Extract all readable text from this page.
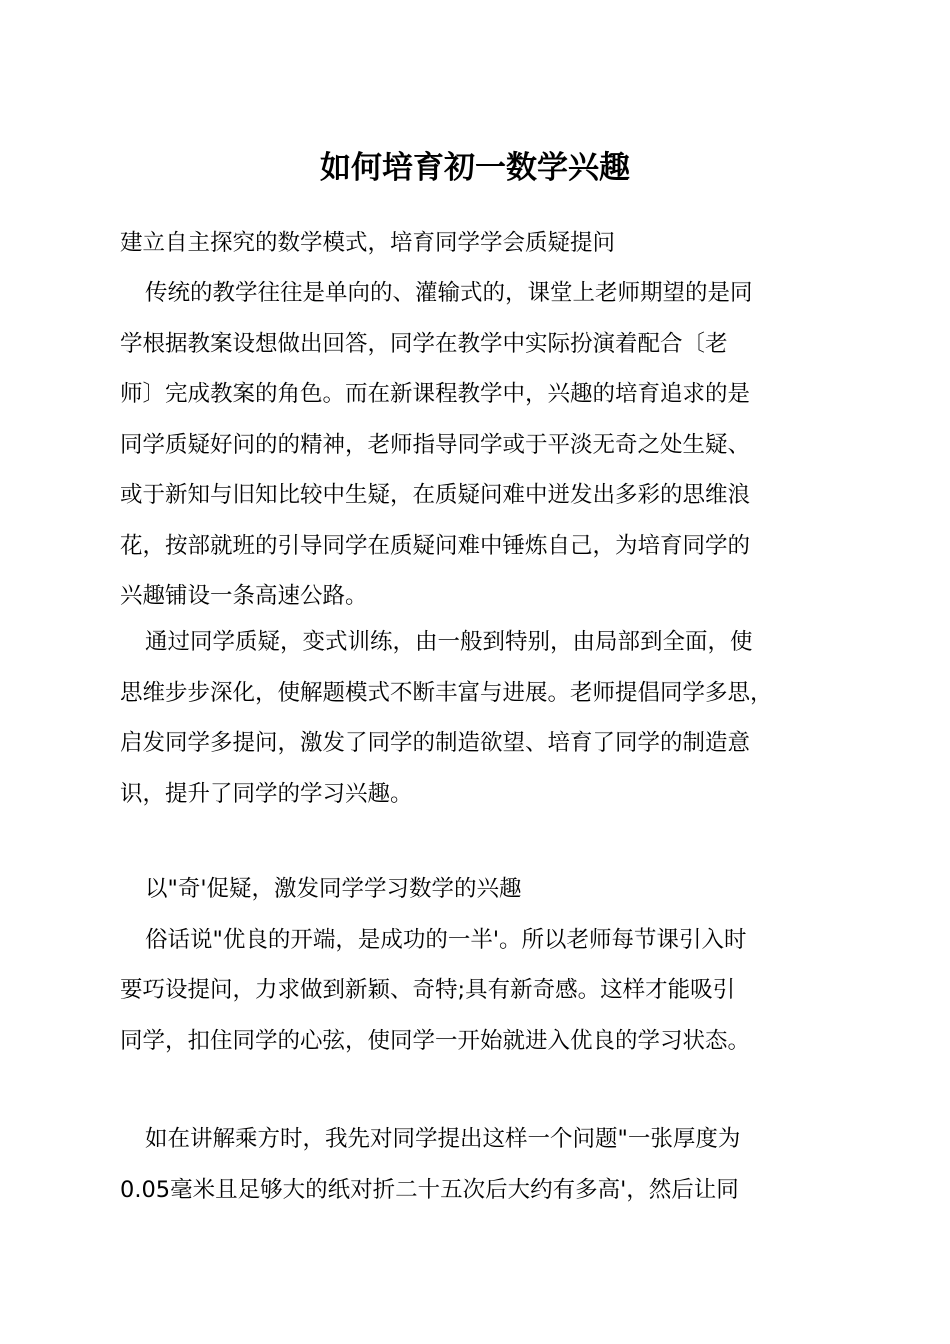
如何培育初一数学兴趣
建立自主探究的数学模式，培育同学学会质疑提问
传统的教学往往是单向的、灌输式的，课堂上老师期望的是同
学根据教案设想做出回答，同学在教学中实际扮演着配合〔老
师〕完成教案的角色。而在新课程教学中，兴趣的培育追求的是
同学质疑好问的的精神，老师指导同学或于平淡无奇之处生疑、
或于新知与旧知比较中生疑，在质疑问难中迸发出多彩的思维浪
花，按部就班的引导同学在质疑问难中锤炼自己，为培育同学的
兴趣铺设一条高速公路。
通过同学质疑，变式训练，由一般到特别，由局部到全面，使
思维步步深化，使解题模式不断丰富与进展。老师提倡同学多思，
启发同学多提问，激发了同学的制造欲望、培育了同学的制造意
识，提升了同学的学习兴趣。
以"奇'促疑，激发同学学习数学的兴趣
俗话说"优良的开端，是成功的一半'。所以老师每节课引入时
要巧设提问，力求做到新颖、奇特;具有新奇感。这样才能吸引
同学，扣住同学的心弦，使同学一开始就进入优良的学习状态。
如在讲解乘方时，我先对同学提出这样一个问题"一张厚度为
0.05毫米且足够大的纸对折二十五次后大约有多高'，然后让同
